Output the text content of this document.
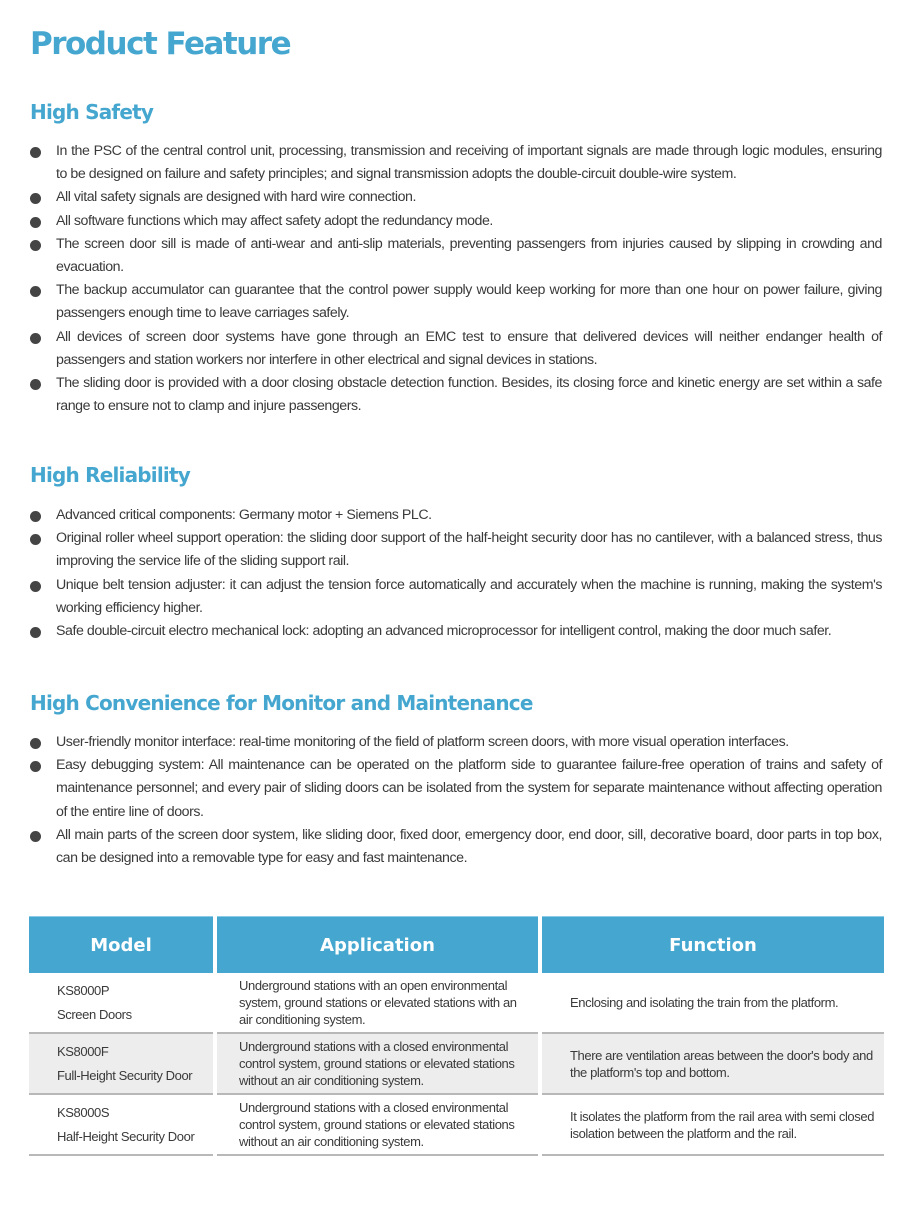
Product Feature
High Safety
In the PSC of the central control unit, processing, transmission and receiving of important signals are made through logic modules, ensuring to be designed on failure and safety principles; and signal transmission adopts the double-circuit double-wire system.
All vital safety signals are designed with hard wire connection.
All software functions which may affect safety adopt the redundancy mode.
The screen door sill is made of anti-wear and anti-slip materials, preventing passengers from injuries caused by slipping in crowding and evacuation.
The backup accumulator can guarantee that the control power supply would keep working for more than one hour on power failure, giving passengers enough time to leave carriages safely.
All devices of screen door systems have gone through an EMC test to ensure that delivered devices will neither endanger health of passengers and station workers nor interfere in other electrical and signal devices in stations.
The sliding door is provided with a door closing obstacle detection function. Besides, its closing force and kinetic energy are set within a safe range to ensure not to clamp and injure passengers.
High Reliability
Advanced critical components: Germany motor + Siemens PLC.
Original roller wheel support operation: the sliding door support of the half-height security door has no cantilever, with a balanced stress, thus improving the service life of the sliding support rail.
Unique belt tension adjuster: it can adjust the tension force automatically and accurately when the machine is running, making the system's working efficiency higher.
Safe double-circuit electro mechanical lock: adopting an advanced microprocessor for intelligent control, making the door much safer.
High Convenience for Monitor and Maintenance
User-friendly monitor interface: real-time monitoring of the field of platform screen doors, with more visual operation interfaces.
Easy debugging system: All maintenance can be operated on the platform side to guarantee failure-free operation of trains and safety of maintenance personnel; and every pair of sliding doors can be isolated from the system for separate maintenance without affecting operation of the entire line of doors.
All main parts of the screen door system, like sliding door, fixed door, emergency door, end door, sill, decorative board, door parts in top box, can be designed into a removable type for easy and fast maintenance.
Model	Application	Function

KS8000P
Screen Doors	Underground stations with an open environmental system, ground stations or elevated stations with an air conditioning system.	Enclosing and isolating the train from the platform.

KS8000F
Full-Height Security Door	Underground stations with a closed environmental control system, ground stations or elevated stations without an air conditioning system.	There are ventilation areas between the door's body and the platform's top and bottom.

KS8000S
Half-Height Security Door	Underground stations with a closed environmental control system, ground stations or elevated stations without an air conditioning system.	It isolates the platform from the rail area with semi closed isolation between the platform and the rail.
